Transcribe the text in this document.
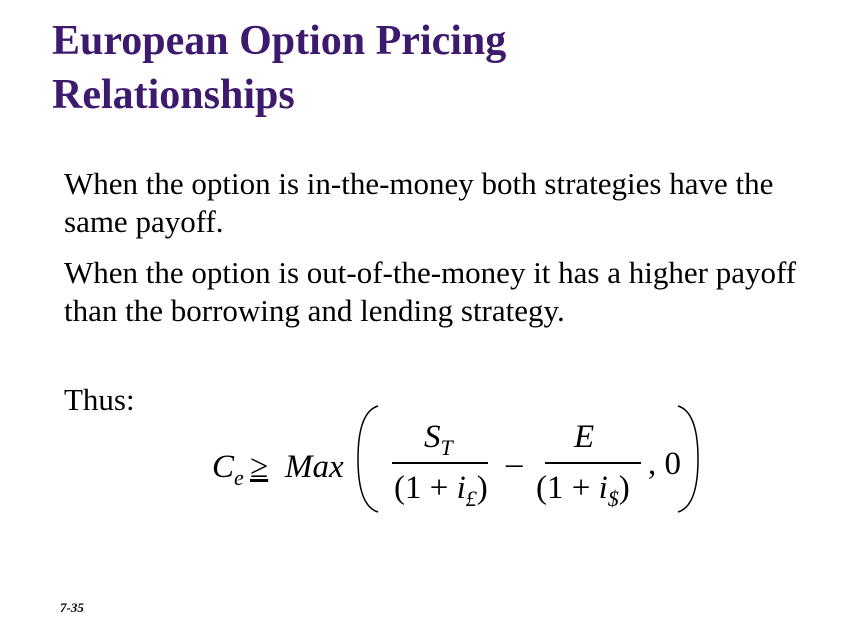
European Option Pricing
Relationships
When the option is in-the-money both strategies have the same payoff.
When the option is out-of-the-money it has a higher payoff than the borrowing and lending strategy.
Thus:
$C_e$ ≥ Max
$S_T$
$(1 + i_£)$
–
E
$(1 + i_{\$})$
, 0
7-35
